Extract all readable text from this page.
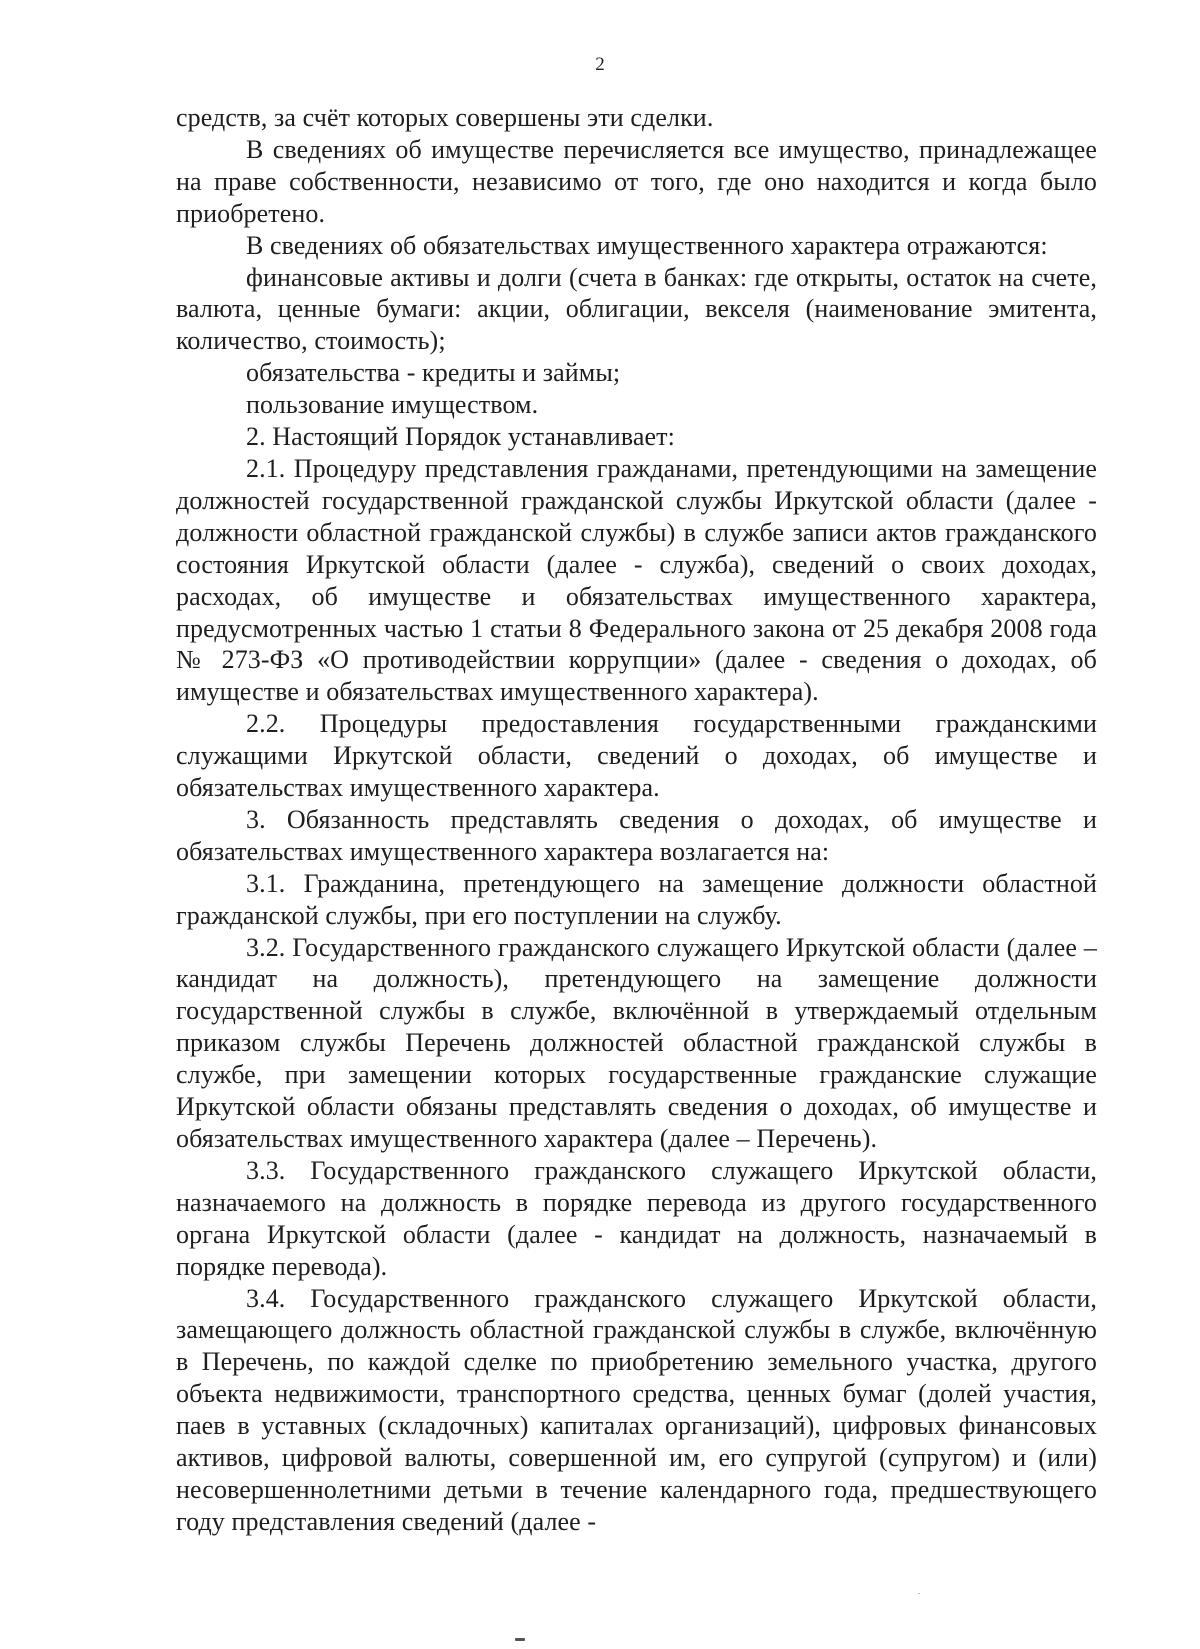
2

средств, за счёт которых совершены эти сделки.

В сведениях об имуществе перечисляется все имущество, принадлежащее на праве собственности, независимо от того, где оно находится и когда было приобретено.

В сведениях об обязательствах имущественного характера отражаются:

финансовые активы и долги (счета в банках: где открыты, остаток на счете, валюта, ценные бумаги: акции, облигации, векселя (наименование эмитента, количество, стоимость);

обязательства - кредиты и займы;

пользование имуществом.

2. Настоящий Порядок устанавливает:

2.1. Процедуру представления гражданами, претендующими на замещение должностей государственной гражданской службы Иркутской области (далее - должности областной гражданской службы) в службе записи актов гражданского состояния Иркутской области (далее - служба), сведений о своих доходах, расходах, об имуществе и обязательствах имущественного характера, предусмотренных частью 1 статьи 8 Федерального закона от 25 декабря 2008 года № 273-ФЗ «О противодействии коррупции» (далее - сведения о доходах, об имуществе и обязательствах имущественного характера).

2.2. Процедуры предоставления государственными гражданскими служащими Иркутской области, сведений о доходах, об имуществе и обязательствах имущественного характера.

3. Обязанность представлять сведения о доходах, об имуществе и обязательствах имущественного характера возлагается на:

3.1. Гражданина, претендующего на замещение должности областной гражданской службы, при его поступлении на службу.

3.2. Государственного гражданского служащего Иркутской области (далее – кандидат на должность), претендующего на замещение должности государственной службы в службе, включённой в утверждаемый отдельным приказом службы Перечень должностей областной гражданской службы в службе, при замещении которых государственные гражданские служащие Иркутской области обязаны представлять сведения о доходах, об имуществе и обязательствах имущественного характера (далее – Перечень).

3.3. Государственного гражданского служащего Иркутской области, назначаемого на должность в порядке перевода из другого государственного органа Иркутской области (далее - кандидат на должность, назначаемый в порядке перевода).

3.4. Государственного гражданского служащего Иркутской области, замещающего должность областной гражданской службы в службе, включённую в Перечень, по каждой сделке по приобретению земельного участка, другого объекта недвижимости, транспортного средства, ценных бумаг (долей участия, паев в уставных (складочных) капиталах организаций), цифровых финансовых активов, цифровой валюты, совершенной им, его супругой (супругом) и (или) несовершеннолетними детьми в течение календарного года, предшествующего году представления сведений (далее -
